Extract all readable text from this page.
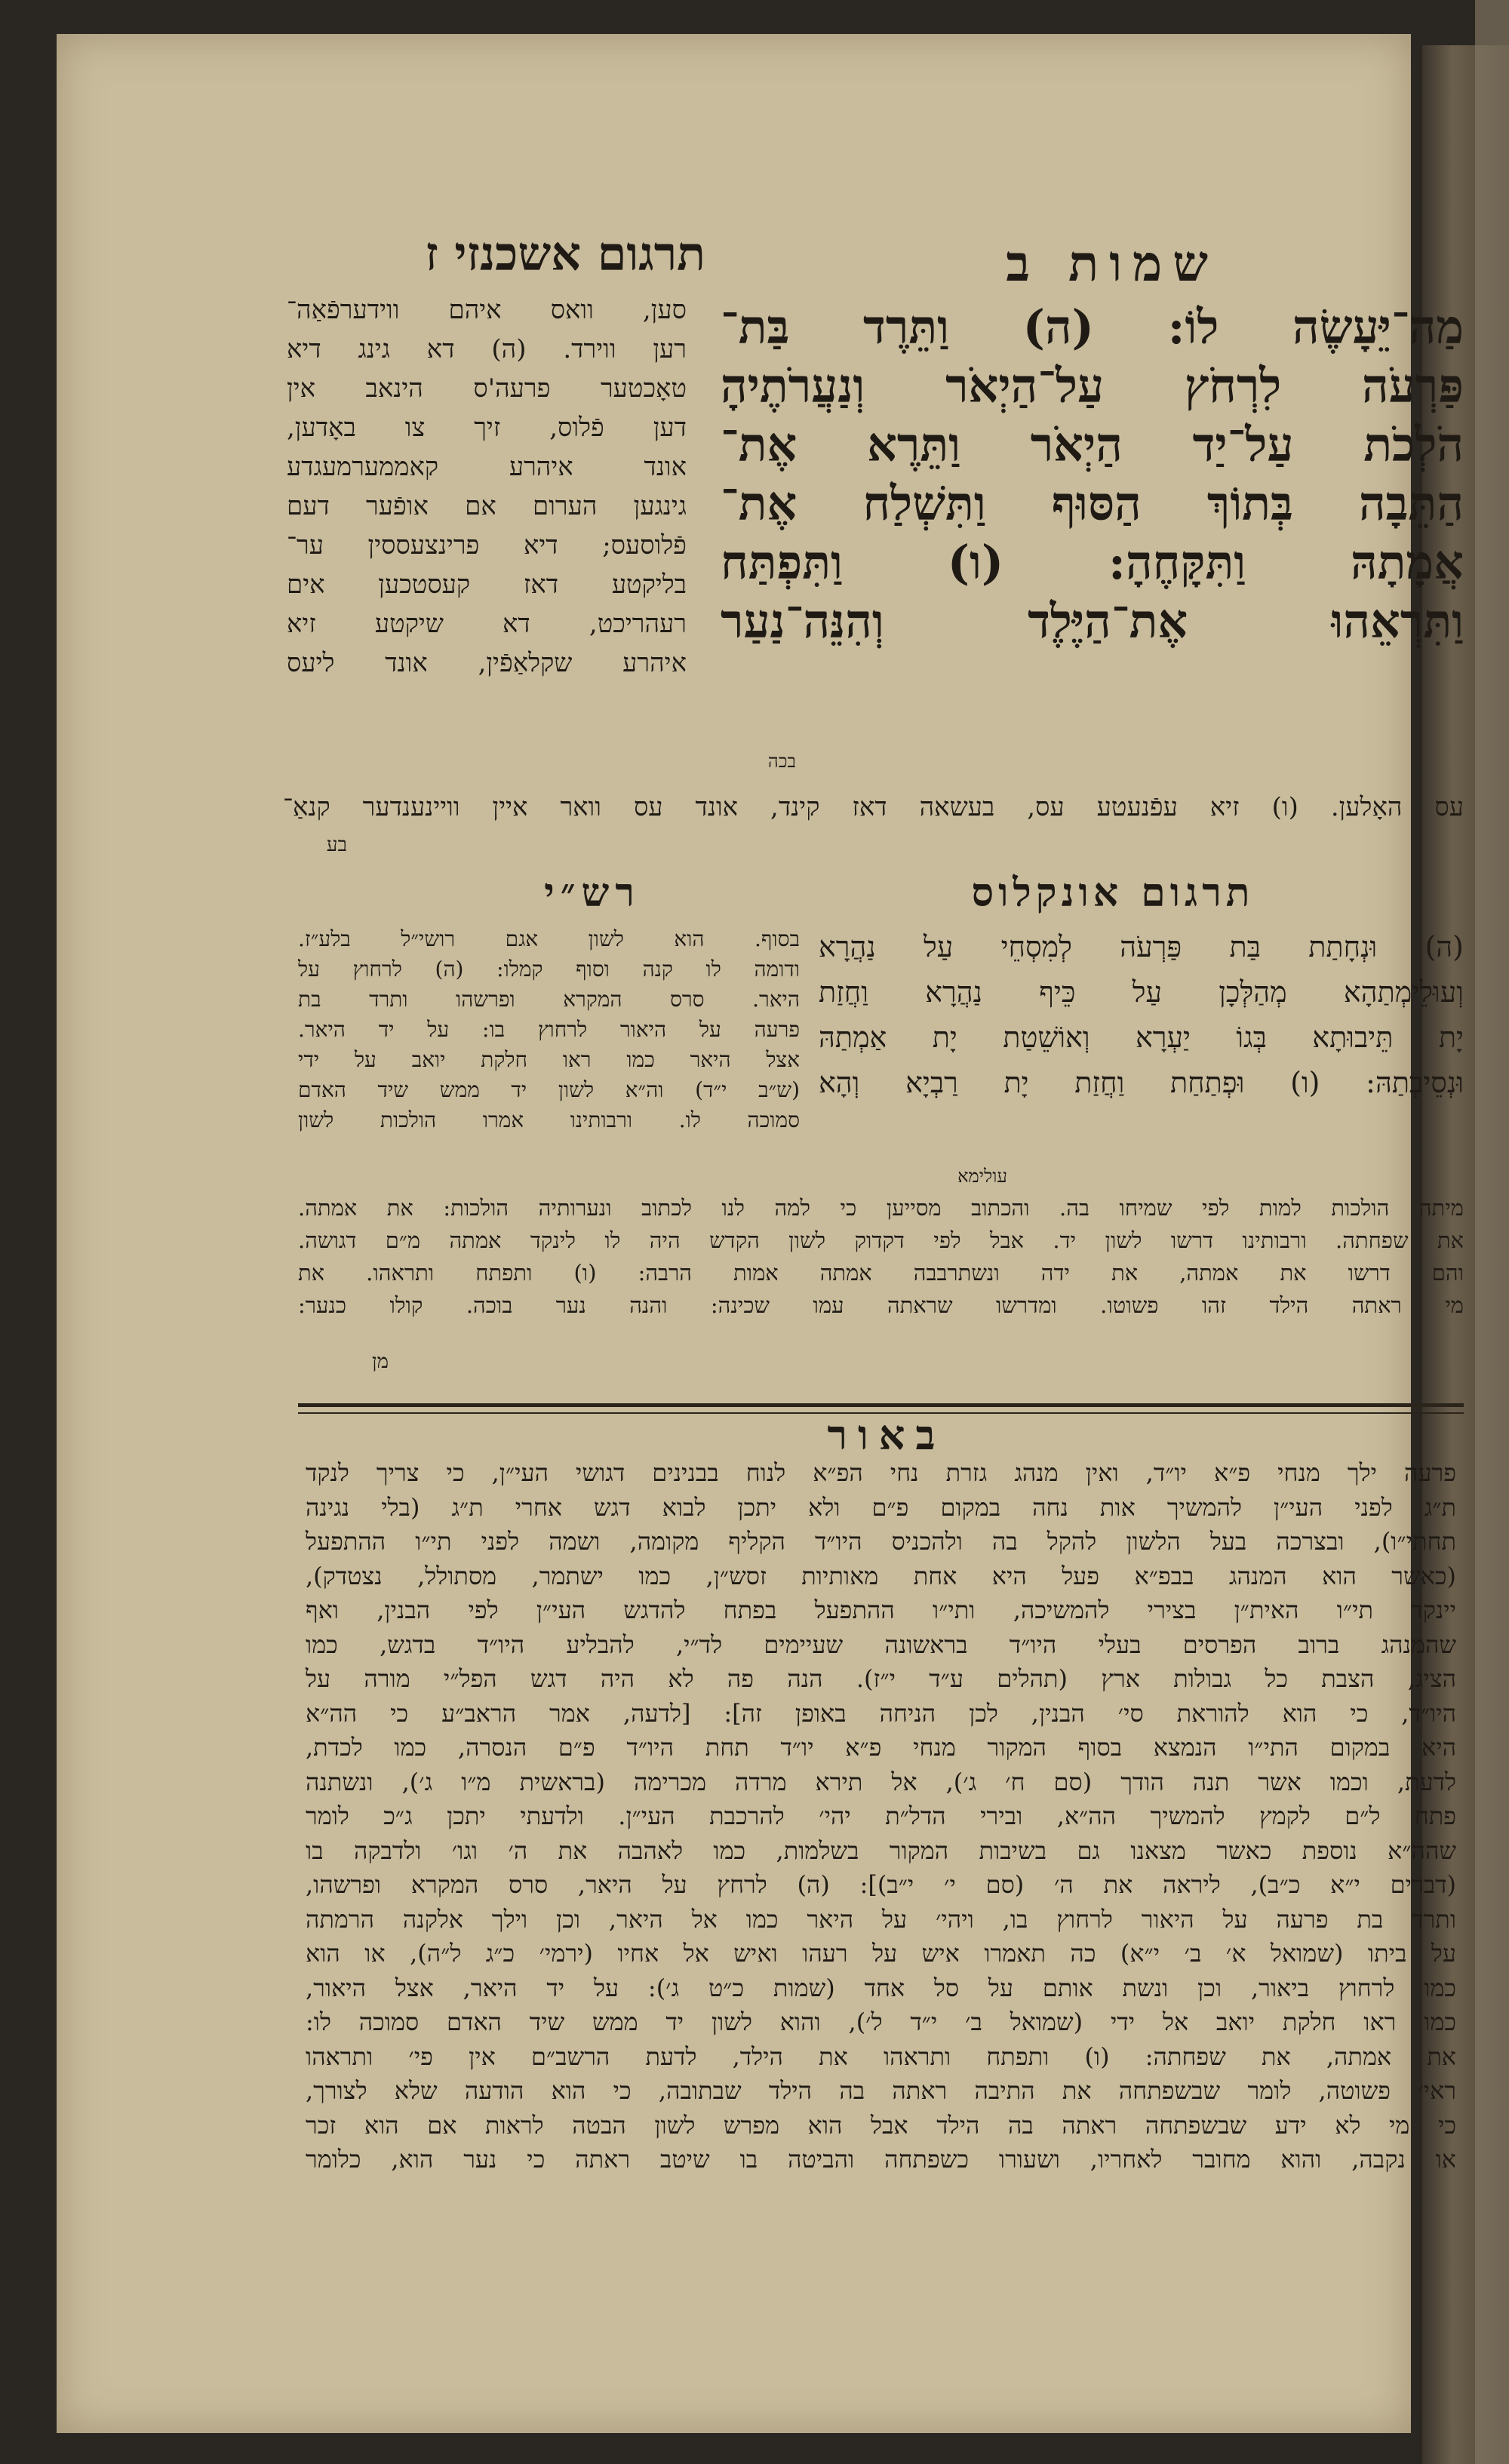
תרגום אשכנזי ז	שמות ב
מַה־יֵּעָשֶׂה לוֹ: (ה) וַתֵּרֶד בַּת־
פַּרְעֹה לִרְחֹץ עַל־הַיְאֹר וְנַעֲרֹתֶיהָ
הֹלְכֹת עַל־יַד הַיְאֹר וַתֵּרֶא אֶת־
הַתֵּבָה בְּתוֹךְ הַסּוּף וַתִּשְׁלַח אֶת־
אֲמָתָהּ וַתִּקָּחֶהָ: (ו) וַתִּפְתַּח
וַתִּרְאֵהוּ אֶת־הַיֶּלֶד וְהִנֵּה־נַעַר
בכה
סען, וואס איהם ווידערפֿאַה־
רען ווירד. (ה) דא גינג דיא
טאָכטער פרעה'ס הינאב אין
דען פֿלוס, זיך צו באָדען,
אונד איהרע קאממערמעגדע
גינגען הערום אם אופֿער דעם
פֿלוסעס; דיא פרינצעססין ער־
בליקטע דאז קעסטכען אים
רעהריכט, דא שיקטע זיא
איהרע שקלאַפֿין, אונד ליעס
עס האָלען. (ו) זיא עפֿנעטע עס, בעשאה דאז קינד, אונד עס וואר איין וויינענדער קנאַ־
בע
תרגום אונקלוס
רש״י
(ה) וּנְחָתַת בַּת פַּרְעֹה לְמִסְחֵי עַל נַהֲרָא
וְעוּלֵימְתַהָא מְהַלְּכָן עַל כֵּיף נַהֲרָא וַחֲזַת
יָת תֵּיבוּתָא בְּגוֹ יַעְרָא וְאוֹשֵׁטַת יָת אַמְתַהּ
וּנְסֵיבְתַהּ: (ו) וּפְתַחַת וַחֲזַת יָת רַבְיָא וְהָא
עולימא
בסוף. הוא לשון אגם רושי״ל בלע״ז.
ודומה לו קנה וסוף קמלו: (ה) לרחוץ על
היאר. סרס המקרא ופרשהו ותרד בת
פרעה על היאור לרחוץ בו: על יד היאר.
אצל היאר כמו ראו חלקת יואב על ידי
(ש״ב י״ד) וה״א לשון יד ממש שיד האדם
סמוכה לו. ורבותינו אמרו הולכות לשון
מיתה הולכות למות לפי שמיחו בה. והכתוב מסייען כי למה לנו לכתוב ונערותיה הולכות: את אמתה.
את שפחתה. ורבותינו דרשו לשון יד. אבל לפי דקדוק לשון הקדש היה לו לינקד אמתה מ״ם דגושה.
והם דרשו את אמתה, את ידה ונשתרבבה אמתה אמות הרבה: (ו) ותפתח ותראהו. את
מי ראתה הילד זהו פשוטו. ומדרשו שראתה עמו שכינה: והנה נער בוכה. קולו כנער:
מן
באור
פרעה ילך מנחי פ״א יו״ד, ואין מנהג גזרת נחי הפ״א לנוח בבנינים דגושי העי״ן, כי צריך לנקד
ת״ג לפני העי״ן להמשיך אות נחה במקום פ״ם ולא יתכן לבוא דגש אחרי ת״ג (בלי נגינה
תחתי״ו), ובצרכה בעל הלשון להקל בה ולהכניס היו״ד הקליף מקומה, ושמה לפני תי״ו ההתפעל
(כאשר הוא המנהג בבפ״א פעל היא אחת מאותיות זסש״ן, כמו ישתמר, מסתולל, נצטדק),
יינקד תי״ו האית״ן בצירי להמשיכה, ותי״ו ההתפעל בפתח להדגש העי״ן לפי הבנין, ואף
שהמנהג ברוב הפרסים בעלי היו״ד בראשונה שעיימים לד״י, להבליע היו״ד בדגש, כמו
הציג, הצבת כל גבולות ארץ (תהלים ע״ד י״ז). הנה פה לא היה דגש הפל״י מורה על
היו״ד, כי הוא להוראת סי׳ הבנין, לכן הניחה באופן זה]: [לדעה, אמר הראב״ע כי הה״א
היא במקום התי״ו הנמצא בסוף המקור מנחי פ״א יו״ד תחת היו״ד פ״ם הנסרה, כמו לכדת,
לדעת, וכמו אשר תנה הודך (סם ח׳ ג׳), אל תירא מרדה מכרימה (בראשית מ״ו ג׳), ונשתנה
פתח ל״ם לקמץ להמשיך הה״א, ובירי הדל״ת יהי׳ להרכבת העי״ן. ולדעתי יתכן ג״כ לומר
שהה״א נוספת כאשר מצאנו גם בשיבות המקור בשלמות, כמו לאהבה את ה׳ וגו׳ ולדבקה בו
(דברים י״א כ״ב), ליראה את ה׳ (סם י׳ י״ב)]: (ה) לרחץ על היאר, סרס המקרא ופרשהו,
ותרד בת פרעה על היאור לרחוץ בו, ויהי׳ על היאר כמו אל היאר, וכן וילך אלקנה הרמתה
על ביתו (שמואל א׳ ב׳ י״א) כה תאמרו איש על רעהו ואיש אל אחיו (ירמי׳ כ״ג ל״ה), או הוא
כמו לרחוץ ביאור, וכן ונשת אותם על סל אחד (שמות כ״ט ג׳): על יד היאר, אצל היאור,
כמו ראו חלקת יואב אל ידי (שמואל ב׳ י״ד ל׳), והוא לשון יד ממש שיד האדם סמוכה לו:
את אמתה, את שפחתה: (ו) ותפתח ותראהו את הילד, לדעת הרשב״ם אין פי׳ ותראהו
ראי׳ פשוטה, לומר שבשפתחה את התיבה ראתה בה הילד שבתובה, כי הוא הודעה שלא לצורך,
כי מי לא ידע שבשפתחה ראתה בה הילד אבל הוא מפרש לשון הבטה לראות אם הוא זכר
או נקבה, והוא מחובר לאחריו, ושעורו כשפתחה והביטה בו שיטב ראתה כי נער הוא, כלומר
